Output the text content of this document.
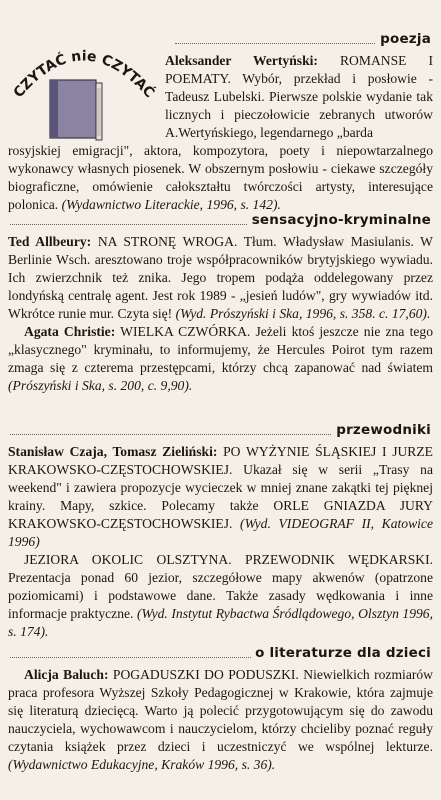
CZYTAĆ nie CZYTAĆ
poezja

Aleksander Wertyński: ROMANSE I POEMATY. Wybór, przekład i posłowie - Tadeusz Lubelski. Pierwsze polskie wydanie tak licznych i pieczołowicie zebranych utworów A.Wertyńskiego, legendarnego „barda

rosyjskiej emigracji", aktora, kompozytora, poety i niepowtarzalnego wykonawcy własnych piosenek. W obszernym posłowiu - ciekawe szczegóły biograficzne, omówienie całokształtu twórczości artysty, interesujące polonica. (Wydawnictwo Literackie, 1996, s. 142).

sensacyjno-kryminalne

Ted Allbeury: NA STRONĘ WROGA. Tłum. Władysław Masiulanis. W Berlinie Wsch. aresztowano troje współpracowników brytyjskiego wywiadu. Ich zwierzchnik też znika. Jego tropem podąża oddelegowany przez londyńską centralę agent. Jest rok 1989 - „jesień ludów", gry wywiadów itd. Wkrótce runie mur. Czyta się! (Wyd. Prószyński i Ska, 1996, s. 358. c. 17,60).

Agata Christie: WIELKA CZWÓRKA. Jeżeli ktoś jeszcze nie zna tego „klasycznego" kryminału, to informujemy, że Hercules Poirot tym razem zmaga się z czterema przestępcami, którzy chcą zapanować nad światem (Prószyński i Ska, s. 200, c. 9,90).

przewodniki

Stanisław Czaja, Tomasz Zieliński: PO WYŻYNIE ŚLĄSKIEJ I JURZE KRAKOWSKO-CZĘSTOCHOWSKIEJ. Ukazał się w serii „Trasy na weekend" i zawiera propozycje wycieczek w mniej znane zakątki tej pięknej krainy. Mapy, szkice. Polecamy także ORLE GNIAZDA JURY KRAKOWSKO-CZĘSTOCHOWSKIEJ. (Wyd. VIDEOGRAF II, Katowice 1996)

JEZIORA OKOLIC OLSZTYNA. PRZEWODNIK WĘDKARSKI. Prezentacja ponad 60 jezior, szczegółowe mapy akwenów (opatrzone poziomicami) i podstawowe dane. Także zasady wędkowania i inne informacje praktyczne. (Wyd. Instytut Rybactwa Śródlądowego, Olsztyn 1996, s. 174).

o literaturze dla dzieci

Alicja Baluch: POGADUSZKI DO PODUSZKI. Niewielkich rozmiarów praca profesora Wyższej Szkoły Pedagogicznej w Krakowie, która zajmuje się literaturą dziecięcą. Warto ją polecić przygotowującym się do zawodu nauczyciela, wychowawcom i nauczycielom, którzy chcieliby poznać reguły czytania książek przez dzieci i uczestniczyć we wspólnej lekturze. (Wydawnictwo Edukacyjne, Kraków 1996, s. 36).
